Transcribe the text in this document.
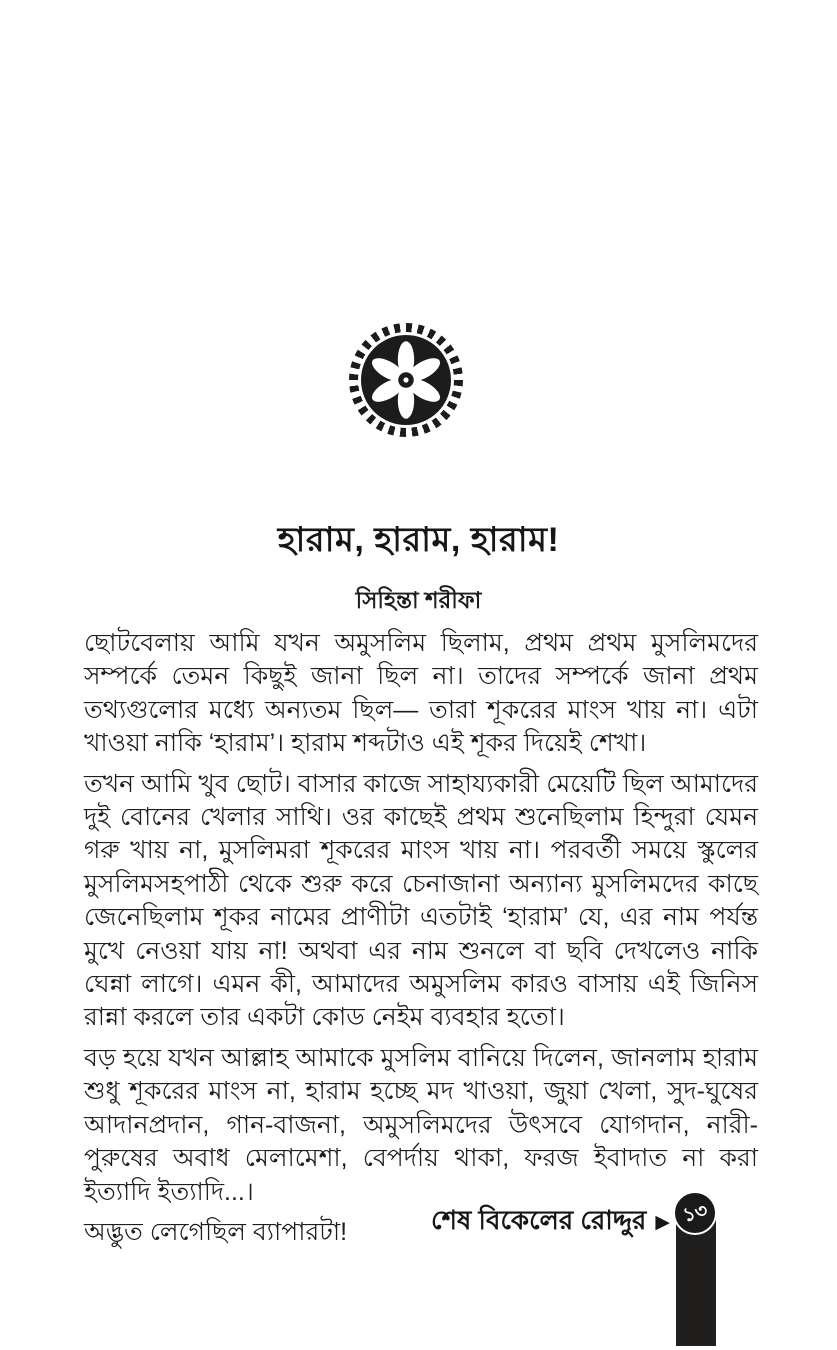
হারাম, হারাম, হারাম!
সিহিন্তা শরীফা

ছোটবেলায় আমি যখন অমুসলিম ছিলাম, প্রথম প্রথম মুসলিমদের সম্পর্কে তেমন কিছুই জানা ছিল না। তাদের সম্পর্কে জানা প্রথম তথ্যগুলোর মধ্যে অন্যতম ছিল— তারা শূকরের মাংস খায় না। এটা খাওয়া নাকি ‘হারাম’। হারাম শব্দটাও এই শূকর দিয়েই শেখা।

তখন আমি খুব ছোট। বাসার কাজে সাহায্যকারী মেয়েটি ছিল আমাদের দুই বোনের খেলার সাথি। ওর কাছেই প্রথম শুনেছিলাম হিন্দুরা যেমন গরু খায় না, মুসলিমরা শূকরের মাংস খায় না। পরবর্তী সময়ে স্কুলের মুসলিমসহপাঠী থেকে শুরু করে চেনাজানা অন্যান্য মুসলিমদের কাছে জেনেছিলাম শূকর নামের প্রাণীটা এতটাই ‘হারাম’ যে, এর নাম পর্যন্ত মুখে নেওয়া যায় না! অথবা এর নাম শুনলে বা ছবি দেখলেও নাকি ঘেন্না লাগে। এমন কী, আমাদের অমুসলিম কারও বাসায় এই জিনিস রান্না করলে তার একটা কোড নেইম ব্যবহার হতো।

বড় হয়ে যখন আল্লাহ আমাকে মুসলিম বানিয়ে দিলেন, জানলাম হারাম শুধু শূকরের মাংস না, হারাম হচ্ছে মদ খাওয়া, জুয়া খেলা, সুদ-ঘুষের আদানপ্রদান, গান-বাজনা, অমুসলিমদের উৎসবে যোগদান, নারী-পুরুষের অবাধ মেলামেশা, বেপর্দায় থাকা, ফরজ ইবাদাত না করা ইত্যাদি ইত্যাদি...।

অদ্ভুত লেগেছিল ব্যাপারটা!	শেষ বিকেলের রোদ্দুর ▶ ১৩
